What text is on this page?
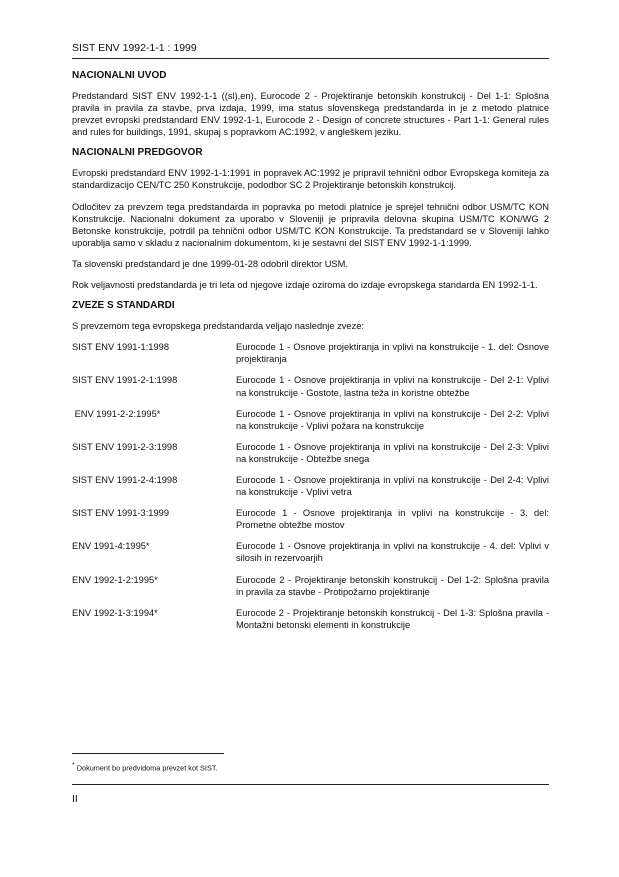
SIST ENV 1992-1-1 : 1999
NACIONALNI UVOD

Predstandard SIST ENV 1992-1-1 ((sl),en), Eurocode 2 - Projektiranje betonskih konstrukcij - Del 1-1: Splošna pravila in pravila za stavbe, prva izdaja, 1999, ima status slovenskega predstandarda in je z metodo platnice prevzet evropski predstandard ENV 1992-1-1, Eurocode 2 - Design of concrete structures - Part 1-1: General rules and rules for buildings, 1991, skupaj s popravkom AC:1992, v angleškem jeziku.

NACIONALNI PREDGOVOR

Evropski predstandard ENV 1992-1-1:1991 in popravek AC:1992 je pripravil tehnični odbor Evropskega komiteja za standardizacijo CEN/TC 250 Konstrukcije, pododbor SC 2 Projektiranje betonskih konstrukcij.

Odločitev za prevzem tega predstandarda in popravka po metodi platnice je sprejel tehnični odbor USM/TC KON Konstrukcije. Nacionalni dokument za uporabo v Sloveniji je pripravila delovna skupina USM/TC KON/WG 2 Betonske konstrukcije, potrdil pa tehnični odbor USM/TC KON Konstrukcije. Ta predstandard se v Sloveniji lahko uporablja samo v skladu z nacionalnim dokumentom, ki je sestavni del SIST ENV 1992-1-1:1999.

Ta slovenski predstandard je dne 1999-01-28 odobril direktor USM.

Rok veljavnosti predstandarda je tri leta od njegove izdaje oziroma do izdaje evropskega standarda EN 1992-1-1.

ZVEZE S STANDARDI

S prevzemom tega evropskega predstandarda veljajo naslednje zveze:

SIST ENV 1991-1:1998	Eurocode 1 - Osnove projektiranja in vplivi na konstrukcije - 1. del: Osnove projektiranja
SIST ENV 1991-2-1:1998	Eurocode 1 - Osnove projektiranja in vplivi na konstrukcije - Del 2-1: Vplivi na konstrukcije - Gostote, lastna teža in koristne obtežbe
ENV 1991-2-2:1995*	Eurocode 1 - Osnove projektiranja in vplivi na konstrukcije - Del 2-2: Vplivi na konstrukcije - Vplivi požara na konstrukcije
SIST ENV 1991-2-3:1998	Eurocode 1 - Osnove projektiranja in vplivi na konstrukcije - Del 2-3: Vplivi na konstrukcije - Obtežbe snega
SIST ENV 1991-2-4:1998	Eurocode 1 - Osnove projektiranja in vplivi na konstrukcije - Del 2-4: Vplivi na konstrukcije - Vplivi vetra
SIST ENV 1991-3:1999	Eurocode 1 - Osnove projektiranja in vplivi na konstrukcije - 3. del: Prometne obtežbe mostov
ENV 1991-4:1995*	Eurocode 1 - Osnove projektiranja in vplivi na konstrukcije - 4. del: Vplivi v silosih in rezervoarjih
ENV 1992-1-2:1995*	Eurocode 2 - Projektiranje betonskih konstrukcij - Del 1-2: Splošna pravila in pravila za stavbe - Protipožarno projektiranje
ENV 1992-1-3:1994*	Eurocode 2 - Projektiranje betonskih konstrukcij - Del 1-3: Splošna pravila - Montažni betonski elementi in konstrukcije
* Dokument bo predvidoma prevzet kot SIST.
II
